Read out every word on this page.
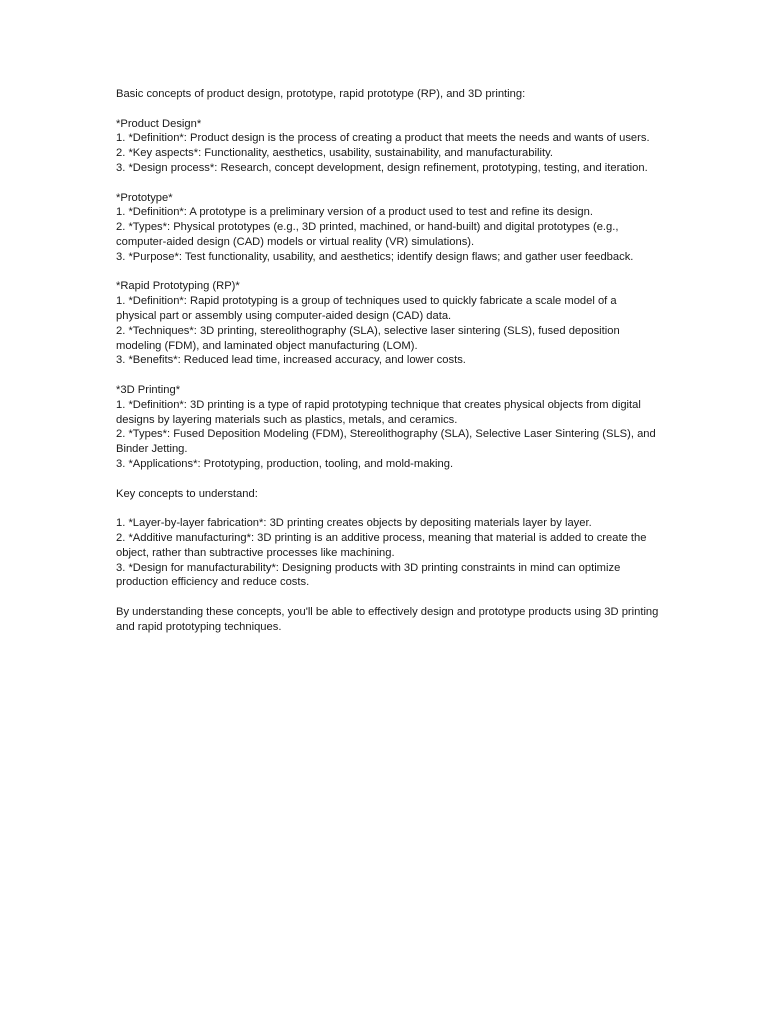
Basic concepts of product design, prototype, rapid prototype (RP), and 3D printing:

*Product Design*

1. *Definition*: Product design is the process of creating a product that meets the needs and wants of users.

2. *Key aspects*: Functionality, aesthetics, usability, sustainability, and manufacturability.

3. *Design process*: Research, concept development, design refinement, prototyping, testing, and iteration.

*Prototype*

1. *Definition*: A prototype is a preliminary version of a product used to test and refine its design.

2. *Types*: Physical prototypes (e.g., 3D printed, machined, or hand-built) and digital prototypes (e.g., computer-aided design (CAD) models or virtual reality (VR) simulations).

3. *Purpose*: Test functionality, usability, and aesthetics; identify design flaws; and gather user feedback.

*Rapid Prototyping (RP)*

1. *Definition*: Rapid prototyping is a group of techniques used to quickly fabricate a scale model of a physical part or assembly using computer-aided design (CAD) data.

2. *Techniques*: 3D printing, stereolithography (SLA), selective laser sintering (SLS), fused deposition modeling (FDM), and laminated object manufacturing (LOM).

3. *Benefits*: Reduced lead time, increased accuracy, and lower costs.

*3D Printing*

1. *Definition*: 3D printing is a type of rapid prototyping technique that creates physical objects from digital designs by layering materials such as plastics, metals, and ceramics.

2. *Types*: Fused Deposition Modeling (FDM), Stereolithography (SLA), Selective Laser Sintering (SLS), and Binder Jetting.

3. *Applications*: Prototyping, production, tooling, and mold-making.

Key concepts to understand:

1. *Layer-by-layer fabrication*: 3D printing creates objects by depositing materials layer by layer.

2. *Additive manufacturing*: 3D printing is an additive process, meaning that material is added to create the object, rather than subtractive processes like machining.

3. *Design for manufacturability*: Designing products with 3D printing constraints in mind can optimize production efficiency and reduce costs.

By understanding these concepts, you'll be able to effectively design and prototype products using 3D printing and rapid prototyping techniques.
